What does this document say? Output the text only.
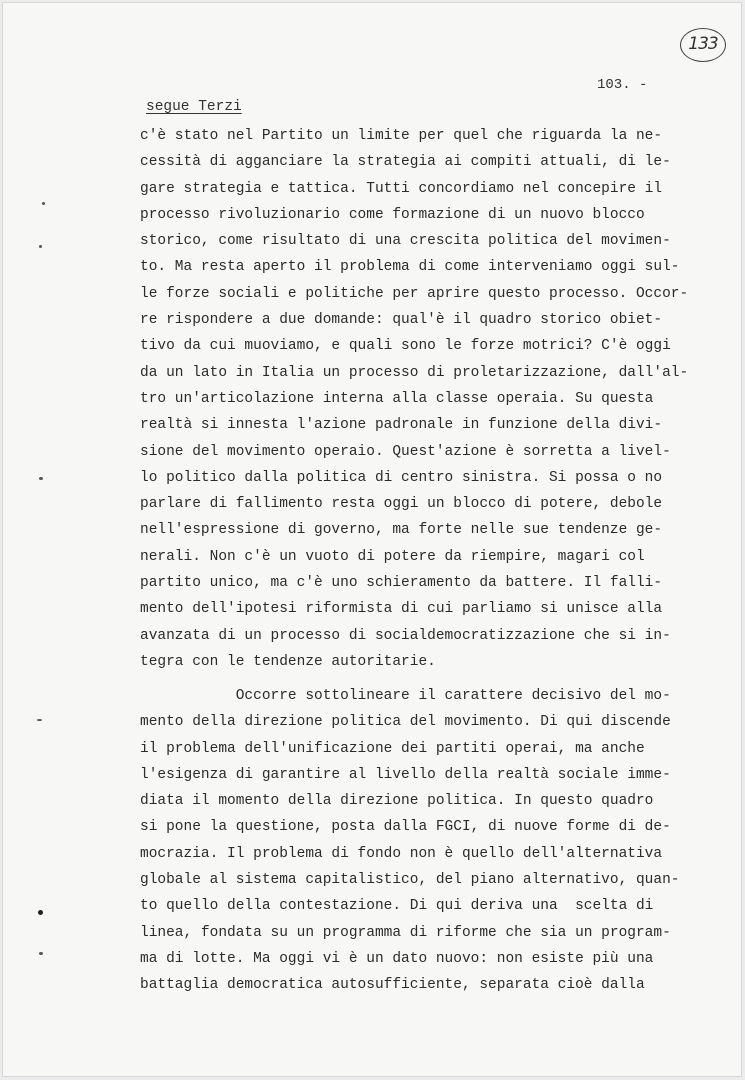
133
103. -
segue Terzi
c'è stato nel Partito un limite per quel che riguarda la ne-
cessità di agganciare la strategia ai compiti attuali, di le-
gare strategia e tattica. Tutti concordiamo nel concepire il
processo rivoluzionario come formazione di un nuovo blocco
storico, come risultato di una crescita politica del movimen-
to. Ma resta aperto il problema di come interveniamo oggi sul-
le forze sociali e politiche per aprire questo processo. Occor-
re rispondere a due domande: qual'è il quadro storico obiet-
tivo da cui muoviamo, e quali sono le forze motrici? C'è oggi
da un lato in Italia un processo di proletarizzazione, dall'al-
tro un'articolazione interna alla classe operaia. Su questa
realtà si innesta l'azione padronale in funzione della divi-
sione del movimento operaio. Quest'azione è sorretta a livel-
lo politico dalla politica di centro sinistra. Si possa o no
parlare di fallimento resta oggi un blocco di potere, debole
nell'espressione di governo, ma forte nelle sue tendenze ge-
nerali. Non c'è un vuoto di potere da riempire, magari col
partito unico, ma c'è uno schieramento da battere. Il falli-
mento dell'ipotesi riformista di cui parliamo si unisce alla
avanzata di un processo di socialdemocratizzazione che si in-
tegra con le tendenze autoritarie.
Occorre sottolineare il carattere decisivo del mo-
mento della direzione politica del movimento. Di qui discende
il problema dell'unificazione dei partiti operai, ma anche
l'esigenza di garantire al livello della realtà sociale imme-
diata il momento della direzione politica. In questo quadro
si pone la questione, posta dalla FGCI, di nuove forme di de-
mocrazia. Il problema di fondo non è quello dell'alternativa
globale al sistema capitalistico, del piano alternativo, quan-
to quello della contestazione. Di qui deriva una  scelta di
linea, fondata su un programma di riforme che sia un program-
ma di lotte. Ma oggi vi è un dato nuovo: non esiste più una
battaglia democratica autosufficiente, separata cioè dalla
